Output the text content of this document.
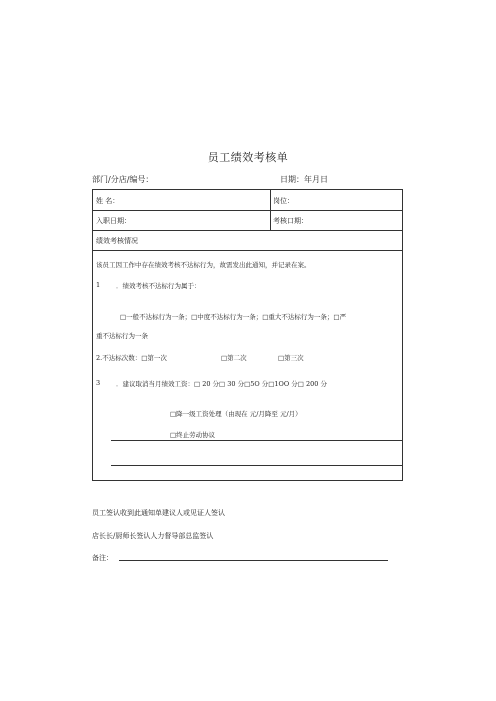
员工绩效考核单
部门/分店/编号：	日期：年月日
姓 名：	岗位：
入职日期：	考核口期：
绩效考核情况
该员工因工作中存在绩效考核不达标行为，故需发出此通知，并记录在案。
1 ．绩效考核不达标行为属于：
□一般不达标行为一条；□中度不达标行为一条；□重大不达标行为一条；□严
重不达标行为一条
2.不达标次数：□第一次	□第二次	□第三次
3 ．建议取消当月绩效工资：□ 20 分□ 30 分□5O 分□1OO 分□ 200 分
□降一级工资处理（由现在 元/月降至 元/月）
□终止劳动协议
员工签认收到此通知单建议人或见证人签认
店长长/厨师长签认人力督导部总监签认
备注：
